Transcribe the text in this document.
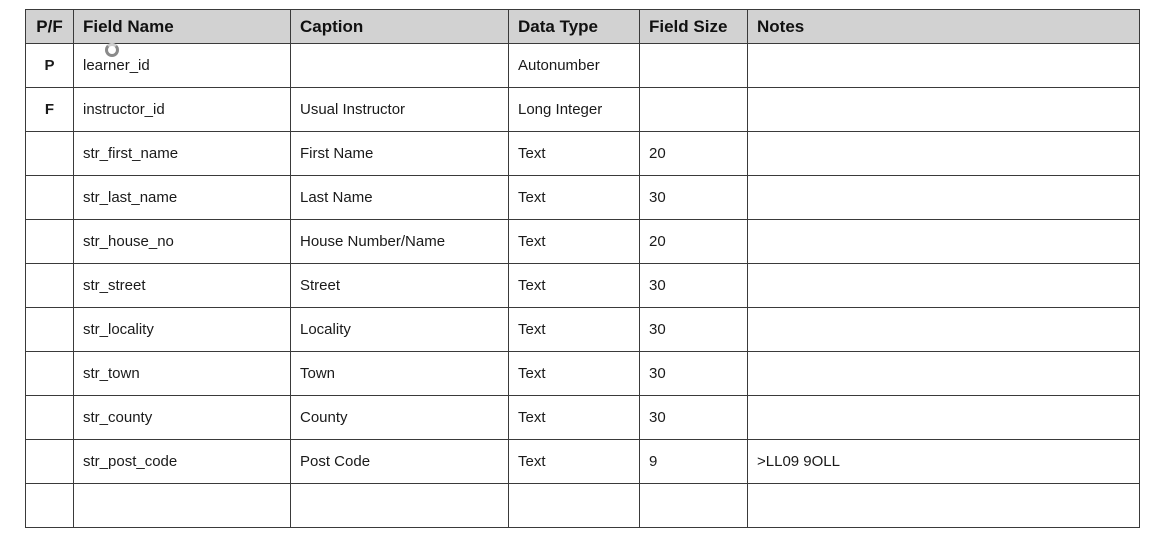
P/F	Field Name	Caption	Data Type	Field Size	Notes
P	learner_id		Autonumber		
F	instructor_id	Usual Instructor	Long Integer		
	str_first_name	First Name	Text	20	
	str_last_name	Last Name	Text	30	
	str_house_no	House Number/Name	Text	20	
	str_street	Street	Text	30	
	str_locality	Locality	Text	30	
	str_town	Town	Text	30	
	str_county	County	Text	30	
	str_post_code	Post Code	Text	9	>LL09 9OLL
